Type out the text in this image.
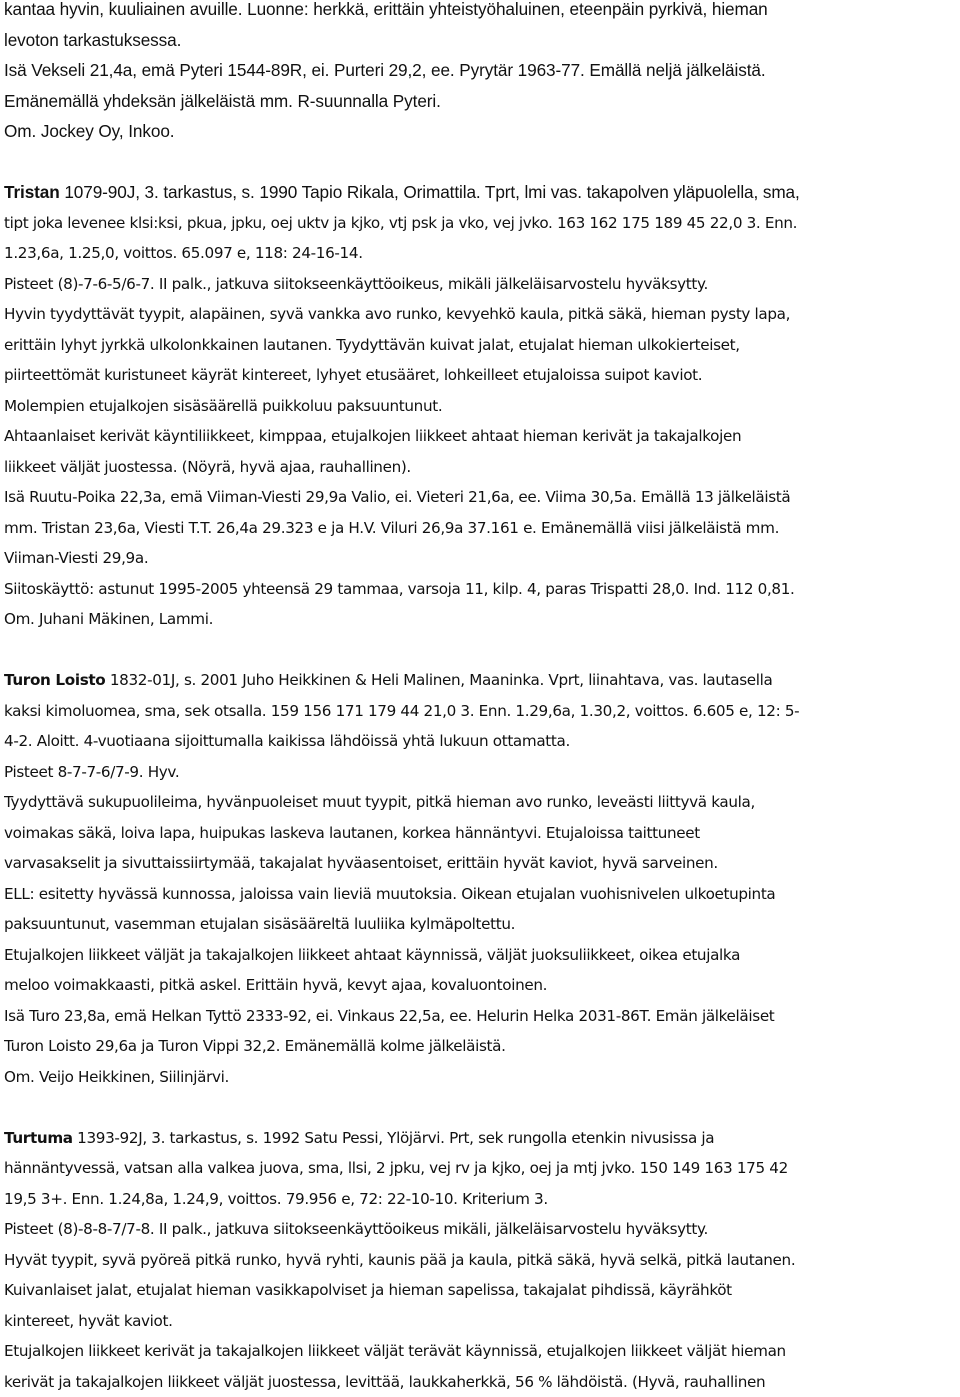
kantaa hyvin, kuuliainen avuille. Luonne: herkkä, erittäin yhteistyöhaluinen, eteenpäin pyrkivä, hieman
levoton tarkastuksessa.
Isä Vekseli 21,4a, emä Pyteri 1544-89R, ei. Purteri 29,2, ee. Pyrytär 1963-77. Emällä neljä jälkeläistä.
Emänemällä yhdeksän jälkeläistä mm. R-suunnalla Pyteri.
Om. Jockey Oy, Inkoo.
Tristan 1079-90J, 3. tarkastus, s. 1990 Tapio Rikala, Orimattila. Tprt, lmi vas. takapolven yläpuolella, sma,
tipt joka levenee klsi:ksi, pkua, jpku, oej uktv ja kjko, vtj psk ja vko, vej jvko. 163 162 175 189 45 22,0 3. Enn.
1.23,6a, 1.25,0, voittos. 65.097 e, 118: 24-16-14.
Pisteet (8)-7-6-5/6-7. II palk., jatkuva siitokseenkäyttöoikeus, mikäli jälkeläisarvostelu hyväksytty.
Hyvin tyydyttävät tyypit, alapäinen, syvä vankka avo runko, kevyehkö kaula, pitkä säkä, hieman pysty lapa,
erittäin lyhyt jyrkkä ulkolonkkainen lautanen. Tyydyttävän kuivat jalat, etujalat hieman ulkokierteiset,
piirteettömät kuristuneet käyrät kintereet, lyhyet etusääret, lohkeilleet etujaloissa suipot kaviot.
Molempien etujalkojen sisäsäärellä puikkoluu paksuuntunut.
Ahtaanlaiset kerivät käyntiliikkeet, kimppaa, etujalkojen liikkeet ahtaat hieman kerivät ja takajalkojen
liikkeet väljät juostessa. (Nöyrä, hyvä ajaa, rauhallinen).
Isä Ruutu-Poika 22,3a, emä Viiman-Viesti 29,9a Valio, ei. Vieteri 21,6a, ee. Viima 30,5a. Emällä 13 jälkeläistä
mm. Tristan 23,6a, Viesti T.T. 26,4a 29.323 e ja H.V. Viluri 26,9a 37.161 e. Emänemällä viisi jälkeläistä mm.
Viiman-Viesti 29,9a.
Siitoskäyttö: astunut 1995-2005 yhteensä 29 tammaa, varsoja 11, kilp. 4, paras Trispatti 28,0. Ind. 112 0,81.
Om. Juhani Mäkinen, Lammi.
Turon Loisto 1832-01J, s. 2001 Juho Heikkinen & Heli Malinen, Maaninka. Vprt, liinahtava, vas. lautasella
kaksi kimoluomea, sma, sek otsalla. 159 156 171 179 44 21,0 3. Enn. 1.29,6a, 1.30,2, voittos. 6.605 e, 12: 5-
4-2. Aloitt. 4-vuotiaana sijoittumalla kaikissa lähdöissä yhtä lukuun ottamatta.
Pisteet 8-7-7-6/7-9. Hyv.
Tyydyttävä sukupuolileima, hyvänpuoleiset muut tyypit, pitkä hieman avo runko, leveästi liittyvä kaula,
voimakas säkä, loiva lapa, huipukas laskeva lautanen, korkea hännäntyvi. Etujaloissa taittuneet
varvasakselit ja sivuttaissiirtymää, takajalat hyväasentoiset, erittäin hyvät kaviot, hyvä sarveinen.
ELL: esitetty hyvässä kunnossa, jaloissa vain lieviä muutoksia. Oikean etujalan vuohisnivelen ulkoetupinta
paksuuntunut, vasemman etujalan sisäsääreltä luuliika kylmäpoltettu.
Etujalkojen liikkeet väljät ja takajalkojen liikkeet ahtaat käynnissä, väljät juoksuliikkeet, oikea etujalka
meloo voimakkaasti, pitkä askel. Erittäin hyvä, kevyt ajaa, kovaluontoinen.
Isä Turo 23,8a, emä Helkan Tyttö 2333-92, ei. Vinkaus 22,5a, ee. Helurin Helka 2031-86T. Emän jälkeläiset
Turon Loisto 29,6a ja Turon Vippi 32,2. Emänemällä kolme jälkeläistä.
Om. Veijo Heikkinen, Siilinjärvi.
Turtuma 1393-92J, 3. tarkastus, s. 1992 Satu Pessi, Ylöjärvi. Prt, sek rungolla etenkin nivusissa ja
hännäntyvessä, vatsan alla valkea juova, sma, llsi, 2 jpku, vej rv ja kjko, oej ja mtj jvko. 150 149 163 175 42
19,5 3+. Enn. 1.24,8a, 1.24,9, voittos. 79.956 e, 72: 22-10-10. Kriterium 3.
Pisteet (8)-8-8-7/7-8. II palk., jatkuva siitokseenkäyttöoikeus mikäli, jälkeläisarvostelu hyväksytty.
Hyvät tyypit, syvä pyöreä pitkä runko, hyvä ryhti, kaunis pää ja kaula, pitkä säkä, hyvä selkä, pitkä lautanen.
Kuivanlaiset jalat, etujalat hieman vasikkapolviset ja hieman sapelissa, takajalat pihdissä, käyrähköt
kintereet, hyvät kaviot.
Etujalkojen liikkeet kerivät ja takajalkojen liikkeet väljät terävät käynnissä, etujalkojen liikkeet väljät hieman
kerivät ja takajalkojen liikkeet väljät juostessa, levittää, laukkaherkkä, 56 % lähdöistä. (Hyvä, rauhallinen
